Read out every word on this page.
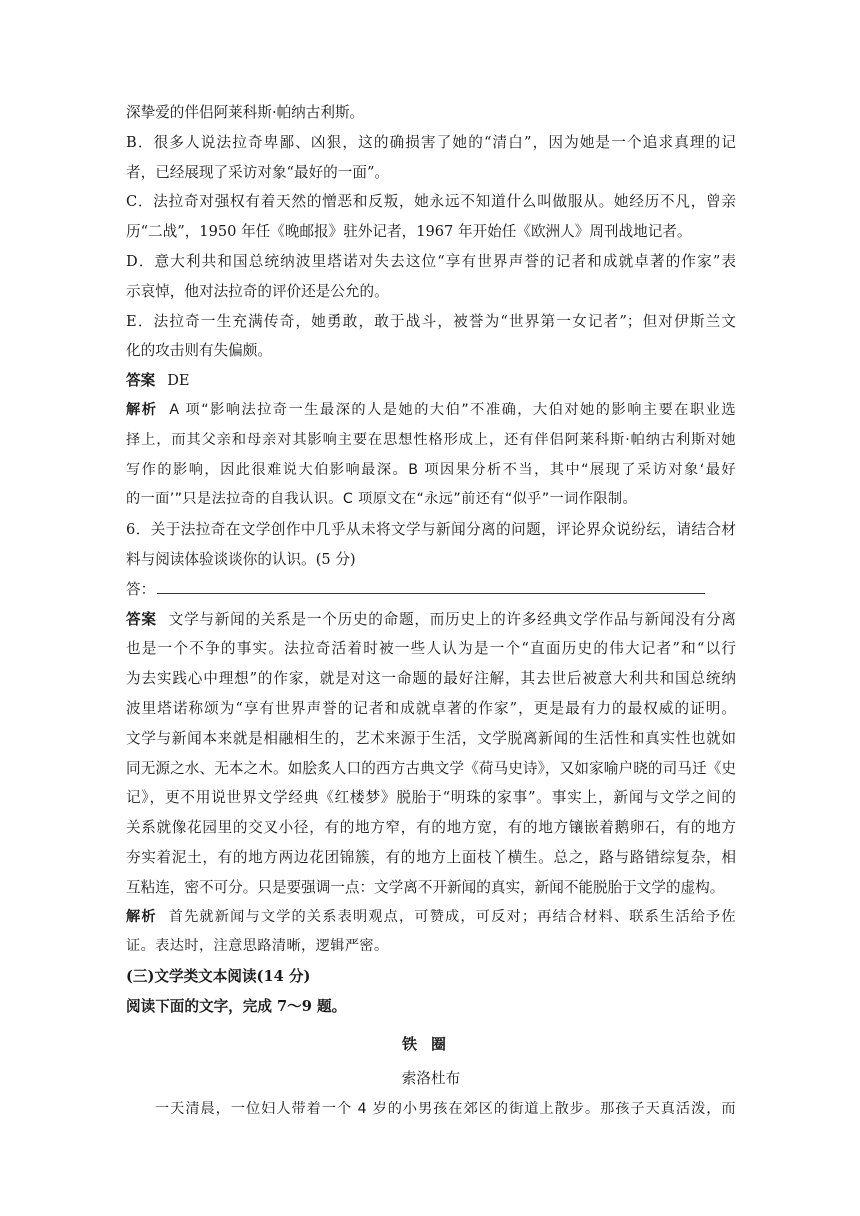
深挚爱的伴侣阿莱科斯·帕纳古利斯。
B．很多人说法拉奇卑鄙、凶狠，这的确损害了她的“清白”，因为她是一个追求真理的记
者，已经展现了采访对象“最好的一面”。
C．法拉奇对强权有着天然的憎恶和反叛，她永远不知道什么叫做服从。她经历不凡，曾亲
历“二战”，1950 年任《晚邮报》驻外记者，1967 年开始任《欧洲人》周刊战地记者。
D．意大利共和国总统纳波里塔诺对失去这位“享有世界声誉的记者和成就卓著的作家”表
示哀悼，他对法拉奇的评价还是公允的。
E．法拉奇一生充满传奇，她勇敢，敢于战斗，被誉为“世界第一女记者”；但对伊斯兰文
化的攻击则有失偏颇。
答案 DE
解析 A 项“影响法拉奇一生最深的人是她的大伯”不准确，大伯对她的影响主要在职业选
择上，而其父亲和母亲对其影响主要在思想性格形成上，还有伴侣阿莱科斯·帕纳古利斯对她
写作的影响，因此很难说大伯影响最深。B 项因果分析不当，其中“展现了采访对象‘最好
的一面’”只是法拉奇的自我认识。C 项原文在“永远”前还有“似乎”一词作限制。
6．关于法拉奇在文学创作中几乎从未将文学与新闻分离的问题，评论界众说纷纭，请结合材
料与阅读体验谈谈你的认识。(5 分)
答：
答案 文学与新闻的关系是一个历史的命题，而历史上的许多经典文学作品与新闻没有分离
也是一个不争的事实。法拉奇活着时被一些人认为是一个“直面历史的伟大记者”和“以行
为去实践心中理想”的作家，就是对这一命题的最好注解，其去世后被意大利共和国总统纳
波里塔诺称颂为“享有世界声誉的记者和成就卓著的作家”，更是最有力的最权威的证明。
文学与新闻本来就是相融相生的，艺术来源于生活，文学脱离新闻的生活性和真实性也就如
同无源之水、无本之木。如脍炙人口的西方古典文学《荷马史诗》，又如家喻户晓的司马迁《史
记》，更不用说世界文学经典《红楼梦》脱胎于“明珠的家事”。事实上，新闻与文学之间的
关系就像花园里的交叉小径，有的地方窄，有的地方宽，有的地方镶嵌着鹅卵石，有的地方
夯实着泥土，有的地方两边花团锦簇，有的地方上面枝丫横生。总之，路与路错综复杂，相
互粘连，密不可分。只是要强调一点：文学离不开新闻的真实，新闻不能脱胎于文学的虚构。
解析 首先就新闻与文学的关系表明观点，可赞成，可反对；再结合材料、联系生活给予佐
证。表达时，注意思路清晰，逻辑严密。
(三)文学类文本阅读(14 分)
阅读下面的文字，完成 7～9 题。
铁圈
索洛杜布
一天清晨，一位妇人带着一个 4 岁的小男孩在郊区的街道上散步。那孩子天真活泼，而
